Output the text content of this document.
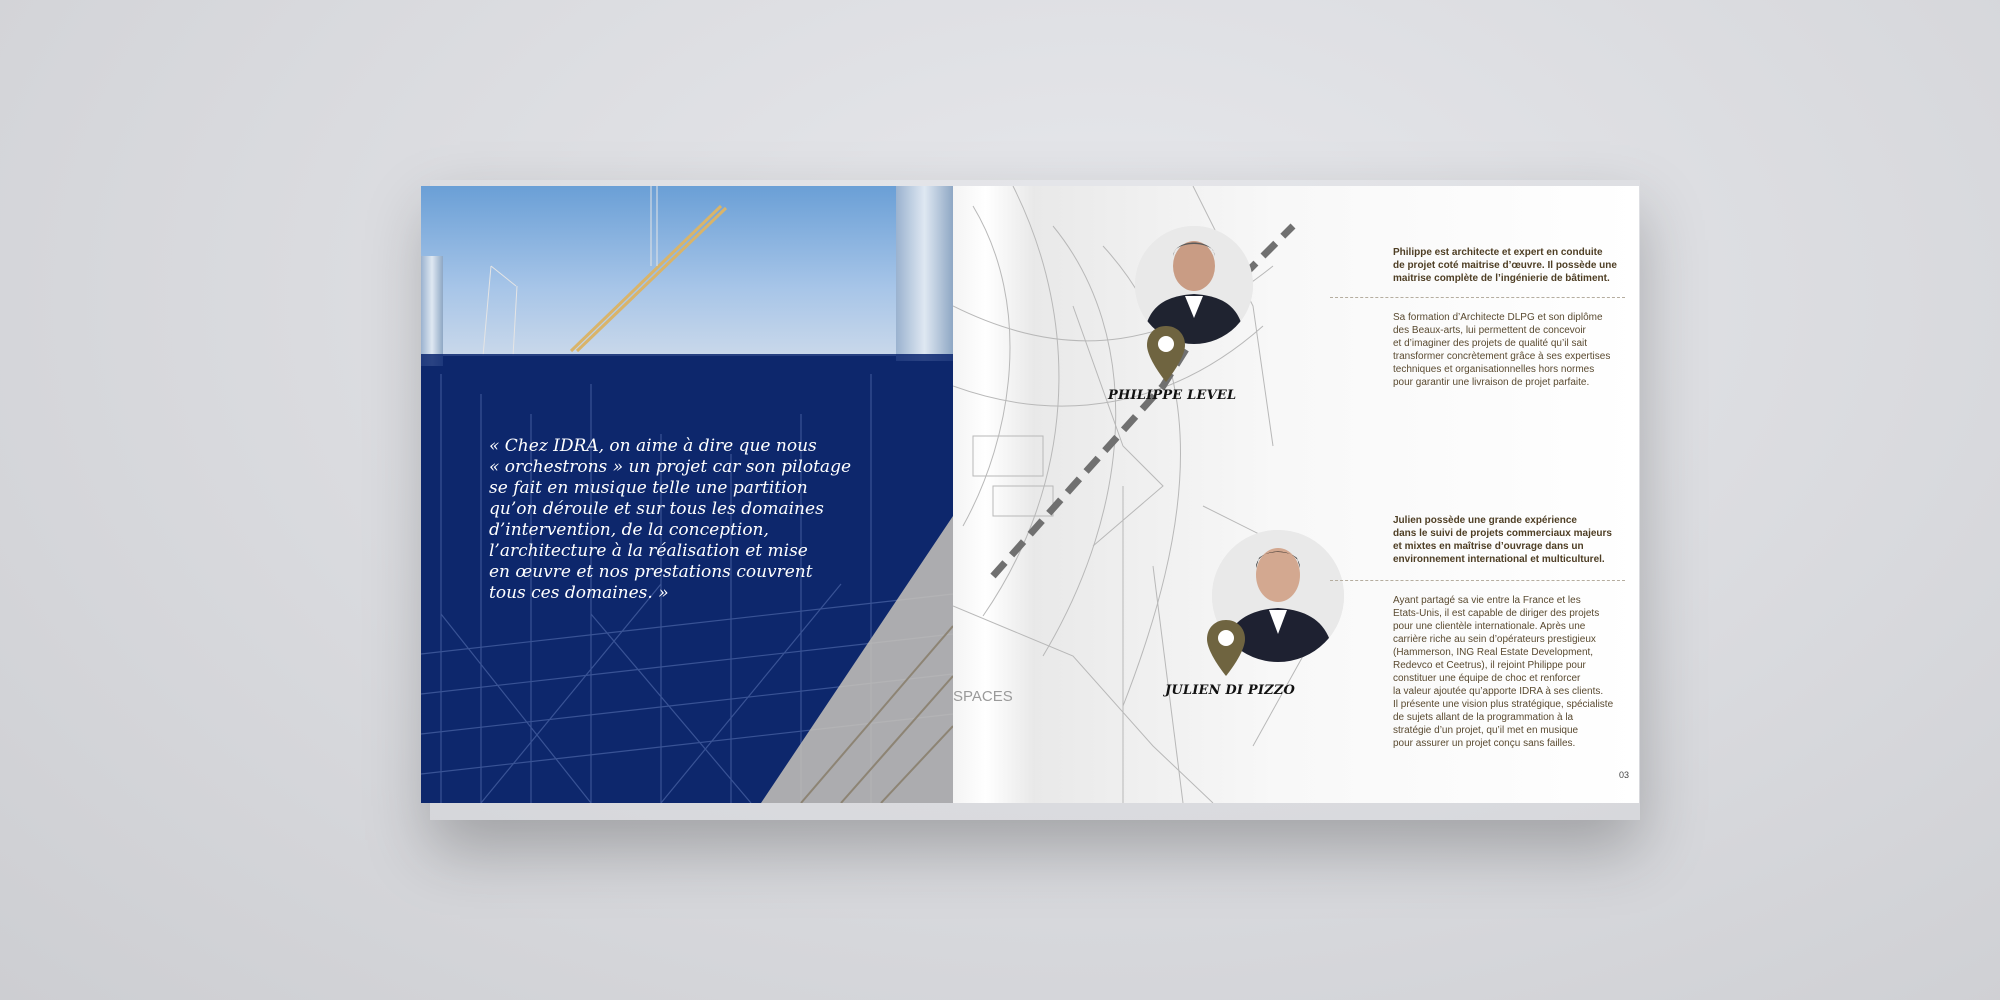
« Chez IDRA, on aime à dire que nous
« orchestrons » un projet car son pilotage
se fait en musique telle une partition
qu’on déroule et sur tous les domaines
d’intervention, de la conception,
l’architecture à la réalisation et mise
en œuvre et nos prestations couvrent
tous ces domaines. »
SPACES

PHILIPPE LEVEL

JULIEN DI PIZZO

Philippe est architecte et expert en conduite
de projet coté maitrise d’œuvre. Il possède une
maitrise complète de l’ingénierie de bâtiment.
Sa formation d’Architecte DLPG et son diplôme
des Beaux-arts, lui permettent de concevoir
et d’imaginer des projets de qualité qu’il sait
transformer concrètement grâce à ses expertises
techniques et organisationnelles hors normes
pour garantir une livraison de projet parfaite.
Julien possède une grande expérience
dans le suivi de projets commerciaux majeurs
et mixtes en maîtrise d’ouvrage dans un
environnement international et multiculturel.
Ayant partagé sa vie entre la France et les
Etats-Unis, il est capable de diriger des projets
pour une clientèle internationale. Après une
carrière riche au sein d’opérateurs prestigieux
(Hammerson, ING Real Estate Development,
Redevco et Ceetrus), il rejoint Philippe pour
constituer une équipe de choc et renforcer
la valeur ajoutée qu’apporte IDRA à ses clients.
Il présente une vision plus stratégique, spécialiste
de sujets allant de la programmation à la
stratégie d’un projet, qu’il met en musique
pour assurer un projet conçu sans failles.

03
